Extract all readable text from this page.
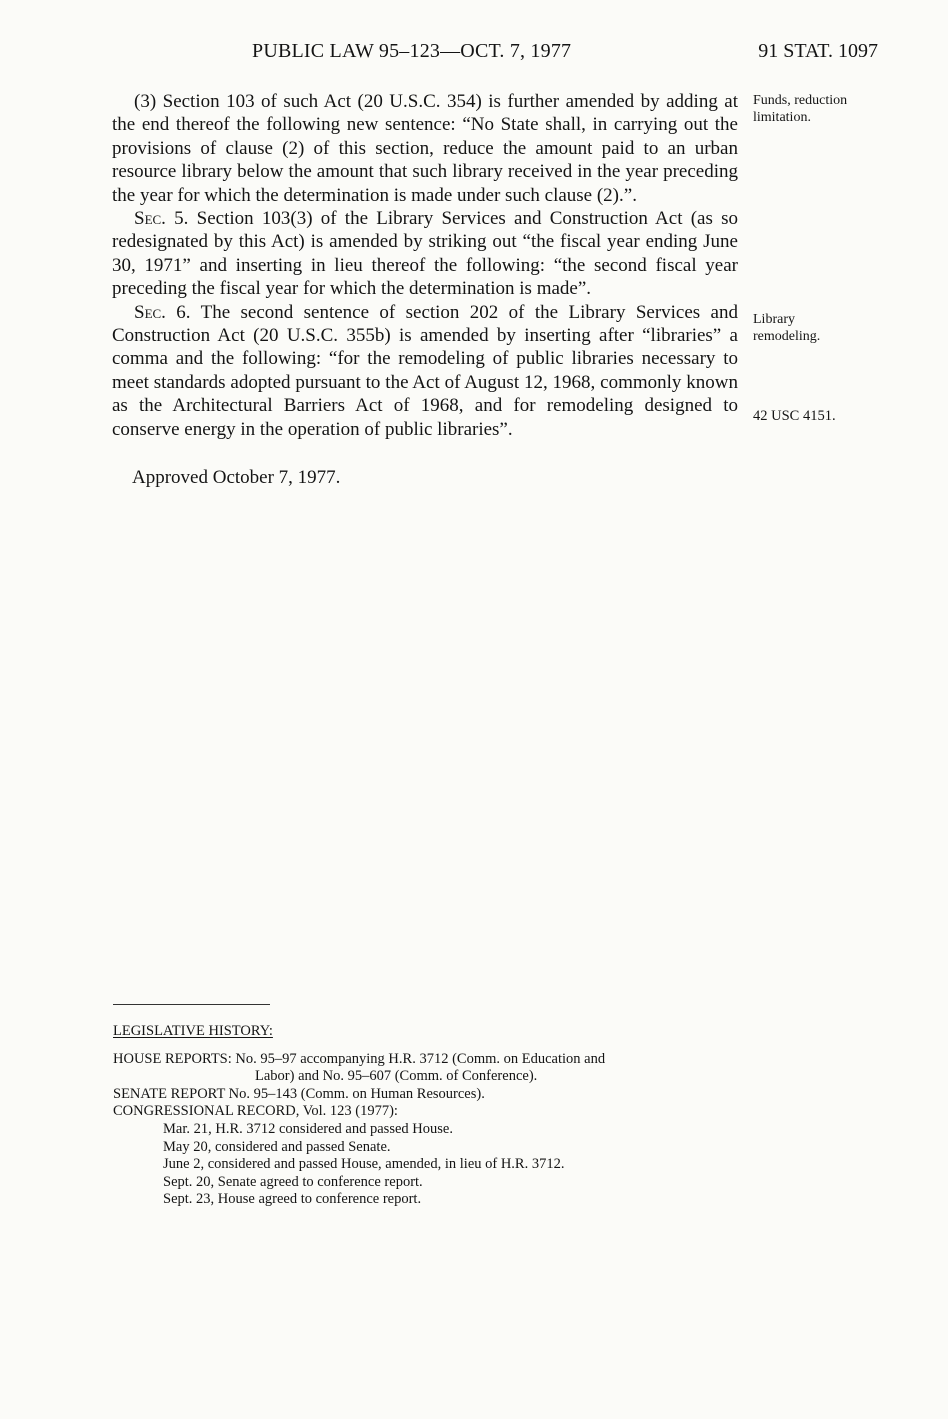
PUBLIC LAW 95–123—OCT. 7, 1977	91 STAT. 1097

(3) Section 103 of such Act (20 U.S.C. 354) is further amended by adding at the end thereof the following new sentence: “No State shall, in carrying out the provisions of clause (2) of this section, reduce the amount paid to an urban resource library below the amount that such library received in the year preceding the year for which the determination is made under such clause (2).”.

Sec. 5. Section 103(3) of the Library Services and Construction Act (as so redesignated by this Act) is amended by striking out “the fiscal year ending June 30, 1971” and inserting in lieu thereof the following: “the second fiscal year preceding the fiscal year for which the determination is made”.

Sec. 6. The second sentence of section 202 of the Library Services and Construction Act (20 U.S.C. 355b) is amended by inserting after “libraries” a comma and the following: “for the remodeling of public libraries necessary to meet standards adopted pursuant to the Act of August 12, 1968, commonly known as the Architectural Barriers Act of 1968, and for remodeling designed to conserve energy in the operation of public libraries”.

Approved October 7, 1977.
Funds, reduction
limitation.
Library
remodeling.
42 USC 4151.
LEGISLATIVE HISTORY:
HOUSE REPORTS: No. 95–97 accompanying H.R. 3712 (Comm. on Education and
Labor) and No. 95–607 (Comm. of Conference).
SENATE REPORT No. 95–143 (Comm. on Human Resources).
CONGRESSIONAL RECORD, Vol. 123 (1977):
Mar. 21, H.R. 3712 considered and passed House.
May 20, considered and passed Senate.
June 2, considered and passed House, amended, in lieu of H.R. 3712.
Sept. 20, Senate agreed to conference report.
Sept. 23, House agreed to conference report.
